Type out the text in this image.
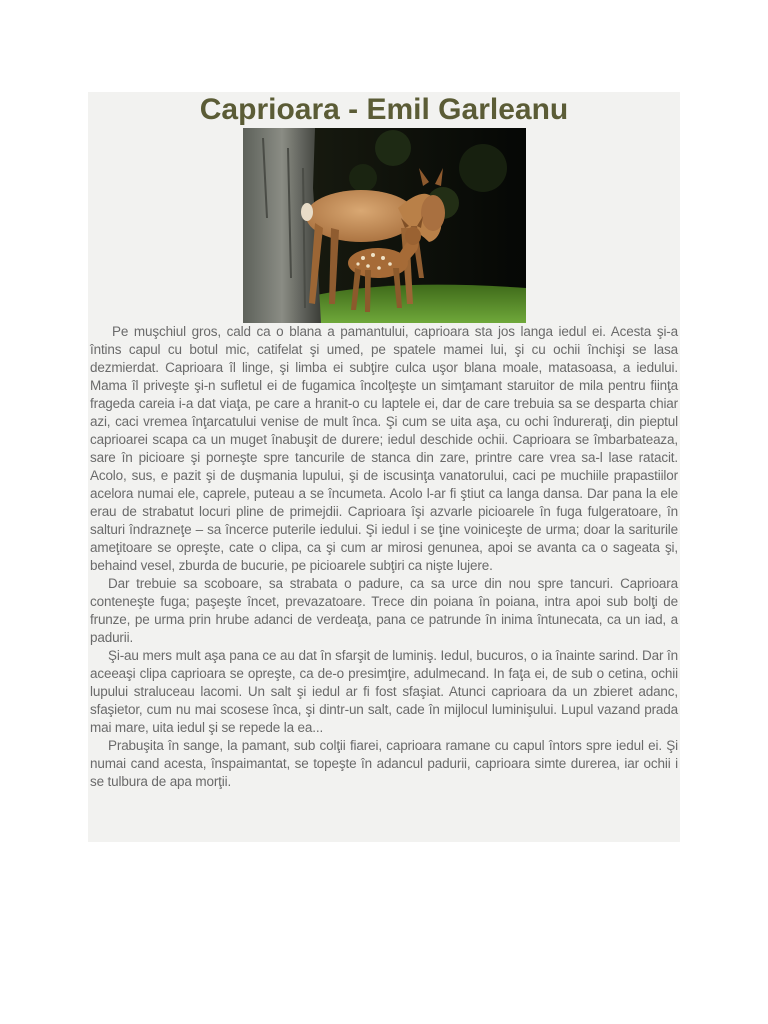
Caprioara - Emil Garleanu

Pe muşchiul gros, cald ca o blana a pamantului, caprioara sta jos langa iedul ei. Acesta şi-a întins capul cu botul mic, catifelat şi umed, pe spatele mamei lui, şi cu ochii închişi se lasa dezmierdat. Caprioara îl linge, şi limba ei subţire culca uşor blana moale, matasoasa, a iedului. Mama îl priveşte şi-n sufletul ei de fugamica încolţeşte un simţamant staruitor de mila pentru fiinţa frageda careia i-a dat viaţa, pe care a hranit-o cu laptele ei, dar de care trebuia sa se desparta chiar azi, caci vremea înţarcatului venise de mult înca. Şi cum se uita aşa, cu ochi îndureraţi, din pieptul caprioarei scapa ca un muget înabuşit de durere; iedul deschide ochii. Caprioara se îmbarbateaza, sare în picioare şi porneşte spre tancurile de stanca din zare, printre care vrea sa-l lase ratacit. Acolo, sus, e pazit şi de duşmania lupului, şi de iscusinţa vanatorului, caci pe muchiile prapastiilor acelora numai ele, caprele, puteau a se încumeta. Acolo l-ar fi ştiut ca langa dansa. Dar pana la ele erau de strabatut locuri pline de primejdii. Caprioara îşi azvarle picioarele în fuga fulgeratoare, în salturi îndrazneţe – sa încerce puterile iedului. Şi iedul i se ţine voiniceşte de urma; doar la sariturile ameţitoare se opreşte, cate o clipa, ca şi cum ar mirosi genunea, apoi se avanta ca o sageata şi, behaind vesel, zburda de bucurie, pe picioarele subţiri ca nişte lujere.

Dar trebuie sa scoboare, sa strabata o padure, ca sa urce din nou spre tancuri. Caprioara conteneşte fuga; paşeşte încet, prevazatoare. Trece din poiana în poiana, intra apoi sub bolţi de frunze, pe urma prin hrube adanci de verdeaţa, pana ce patrunde în inima întunecata, ca un iad, a padurii.

Şi-au mers mult aşa pana ce au dat în sfarşit de luminiş. Iedul, bucuros, o ia înainte sarind. Dar în aceeaşi clipa caprioara se opreşte, ca de-o presimţire, adulmecand. In faţa ei, de sub o cetina, ochii lupului straluceau lacomi. Un salt şi iedul ar fi fost sfaşiat. Atunci caprioara da un zbieret adanc, sfaşietor, cum nu mai scosese înca, şi dintr-un salt, cade în mijlocul luminişului. Lupul vazand prada mai mare, uita iedul şi se repede la ea...

Prabuşita în sange, la pamant, sub colţii fiarei, caprioara ramane cu capul întors spre iedul ei. Şi numai cand acesta, înspaimantat, se topeşte în adancul padurii, caprioara simte durerea, iar ochii i se tulbura de apa morţii.
